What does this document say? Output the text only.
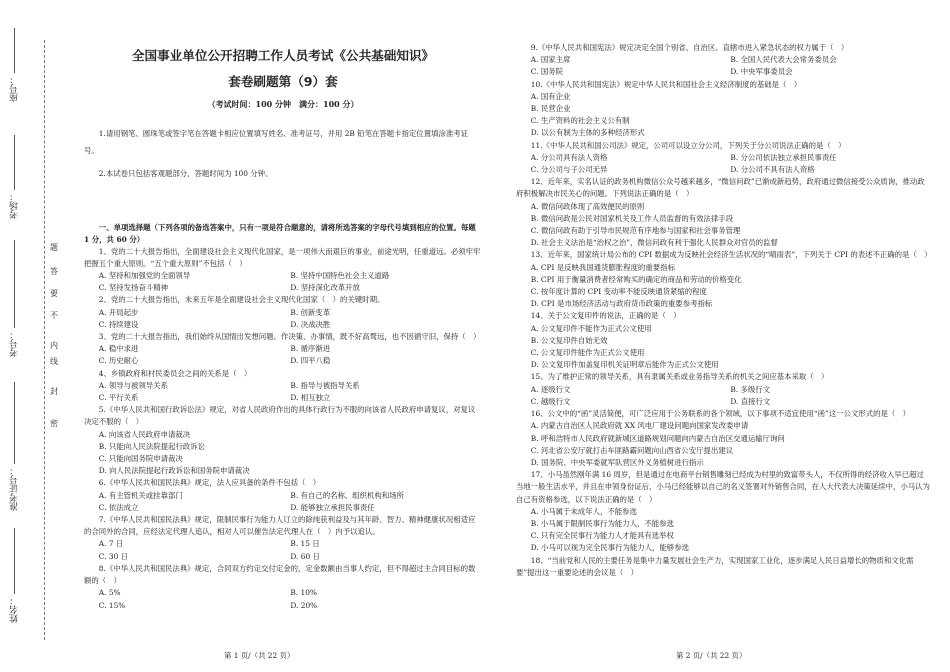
座号：
考场：
考号：
准考证号：
姓名：
密
封
线
内
不
要
答
题
全国事业单位公开招聘工作人员考试《公共基础知识》
套卷刷题第（9）套
（考试时间：100 分钟　满分：100 分）
1.请用钢笔、圆珠笔或签字笔在答题卡相应位置填写姓名、准考证号，并用 2B 铅笔在答题卡指定位置填涂准考证号。
2.本试卷只包括客观题部分，答题时间为 100 分钟。
一、单项选择题（下列各项的备选答案中，只有一项是符合题意的，请将所选答案的字母代号填到相应的位置。每题 1 分，共 60 分）
1、党的二十大报告指出，全面建设社会主义现代化国家，是一项伟大而艰巨的事业，前途光明，任重道远。必须牢牢把握五个重大原则。“五个重大原则”不包括（　）
A. 坚持和加强党的全面领导	B. 坚持中国特色社会主义道路
C. 坚持发扬奋斗精神	D. 坚持深化改革开放
2、党的二十大报告指出，未来五年是全面建设社会主义现代化国家（　）的关键时期。
A. 开局起步	B. 创新变革
C. 持续建设	D. 决战决胜
3、党的二十大报告指出，我们始终从国情出发想问题、作决策、办事情，既不好高骛远，也不因循守旧，保持（　）
A. 稳中求进	B. 循序渐进
C. 历史耐心	D. 四平八稳
4、乡镇政府和村民委员会之间的关系是（　）
A. 领导与被领导关系	B. 指导与被指导关系
C. 平行关系	D. 相互独立
5.《中华人民共和国行政诉讼法》规定，对省人民政府作出的具体行政行为不服的向该省人民政府申请复议，对复议决定不服的（　）
A. 向该省人民政府申请裁决
B. 只能向人民法院提起行政诉讼
C. 只能向国务院申请裁决
D. 向人民法院提起行政诉讼和国务院申请裁决
6.《中华人民共和国民法典》规定，法人应具备的条件不包括（　）
A. 有主管机关或挂靠部门	B. 有自己的名称、组织机构和场所
C. 依法成立	D. 能够独立承担民事责任
7.《中华人民共和国民法典》规定，限制民事行为能力人订立的除纯获利益及与其年龄、智力、精神健康状况相适应的合同外的合同，应经法定代理人追认，相对人可以催告法定代理人在（　）内予以追认。
A. 7 日	B. 15 日
C. 30 日	D. 60 日
8.《中华人民共和国民法典》规定，合同双方约定交付定金的，定金数额由当事人约定，但不得超过主合同目标的数额的（　）
A. 5%	B. 10%
C. 15%	D. 20%
第 1 页/（共 22 页）
9.《中华人民共和国宪法》规定决定全国个别省、自治区、直辖市进入紧急状态的权力属于（　）
A. 国家主席	B. 全国人民代表大会常务委员会
C. 国务院	D. 中央军事委员会
10.《中华人民共和国宪法》规定中华人民共和国社会主义经济制度的基础是（　）
A. 国有企业
B. 民营企业
C. 生产资料的社会主义公有制
D. 以公有制为主体的多种经济形式
11.《中华人民共和国公司法》规定，公司可以设立分公司，下列关于分公司说法正确的是（　）
A. 分公司具有法人资格	B. 分公司依法独立承担民事责任
C. 分公司与子公司无异	D. 分公司不具有法人资格
12、近年来，实名认证的政务机构微信公众号越来越多，“微信问政”已渐成新趋势，政府通过微信接受公众质询，推动政府积极解决市民关心的问题。下列说法正确的是（　）
A. 微信问政体现了高效便民的原则
B. 微信问政是公民对国家机关及工作人员监督的有效法律手段
C. 微信问政有助于引导市民规范有序地参与国家和社会事务管理
D. 社会主义法治是“治权之治”，微信问政有利于强化人民群众对官员的监督
13、近年来，国家统计局公布的 CPI 数据成为反映社会经济生活状况的“晴雨表”，下列关于 CPI 的表述不正确的是（　）
A. CPI 是反映我国通货膨胀程度的重要指标
B. CPI 用于衡量消费者经常购买的确定的商品和劳动的价格变化
C. 按年度计算的 CPI 变动率不能反映通货紧缩的程度
D. CPI 是市场经济活动与政府货币政策的重要参考指标
14、关于公文复印件的说法，正确的是（　）
A. 公文复印件不能作为正式公文使用
B. 公文复印件自始无效
C. 公文复印件能作为正式公文使用
D. 公文复印件加盖复印机关证明章后能作为正式公文使用
15、为了维护正常的领导关系，具有隶属关系或业务指导关系的机关之间应基本采取（　）
A. 逐级行文	B. 多级行文
C. 越级行文	D. 直接行文
16、公文中的“函”灵活简便，可广泛应用于公务联系的各个领域，以下事项不适宜使用“函”这一公文形式的是（　）
A. 内蒙古自治区人民政府就 XX 风电厂建设问题向国家发改委申请
B. 呼和浩特市人民政府就新城区道路规划问题向内蒙古自治区交通运输厅询问
C. 河北省公安厅就打击车匪路霸问题向山西省公安厅提出建议
D. 国务院、中央军委就军队营区外义务植树进行指示
17、小马虽然刚年满 16 周岁，但是通过在电商平台销售雕刻已经成为村里的致富带头人，不仅所得的经济收入早已超过当地一般生活水平，并且在申领身份证后，小马已经能够以自己的名义签署对外销售合同，在人大代表大决策延续中，小马认为自己有资格参选，以下说法正确的是（　）
A. 小马属于未成年人，不能参选
B. 小马属于限制民事行为能力人，不能参选
C. 只有完全民事行为能力人才能具有选举权
D. 小马可以视为完全民事行为能力人，能够参选
18、“当前党和人民的主要任务是集中力量发展社会生产力，实现国家工业化，逐步满足人民日益增长的物质和文化需要”提出这一重要论述的会议是（　）
第 2 页/（共 22 页）
